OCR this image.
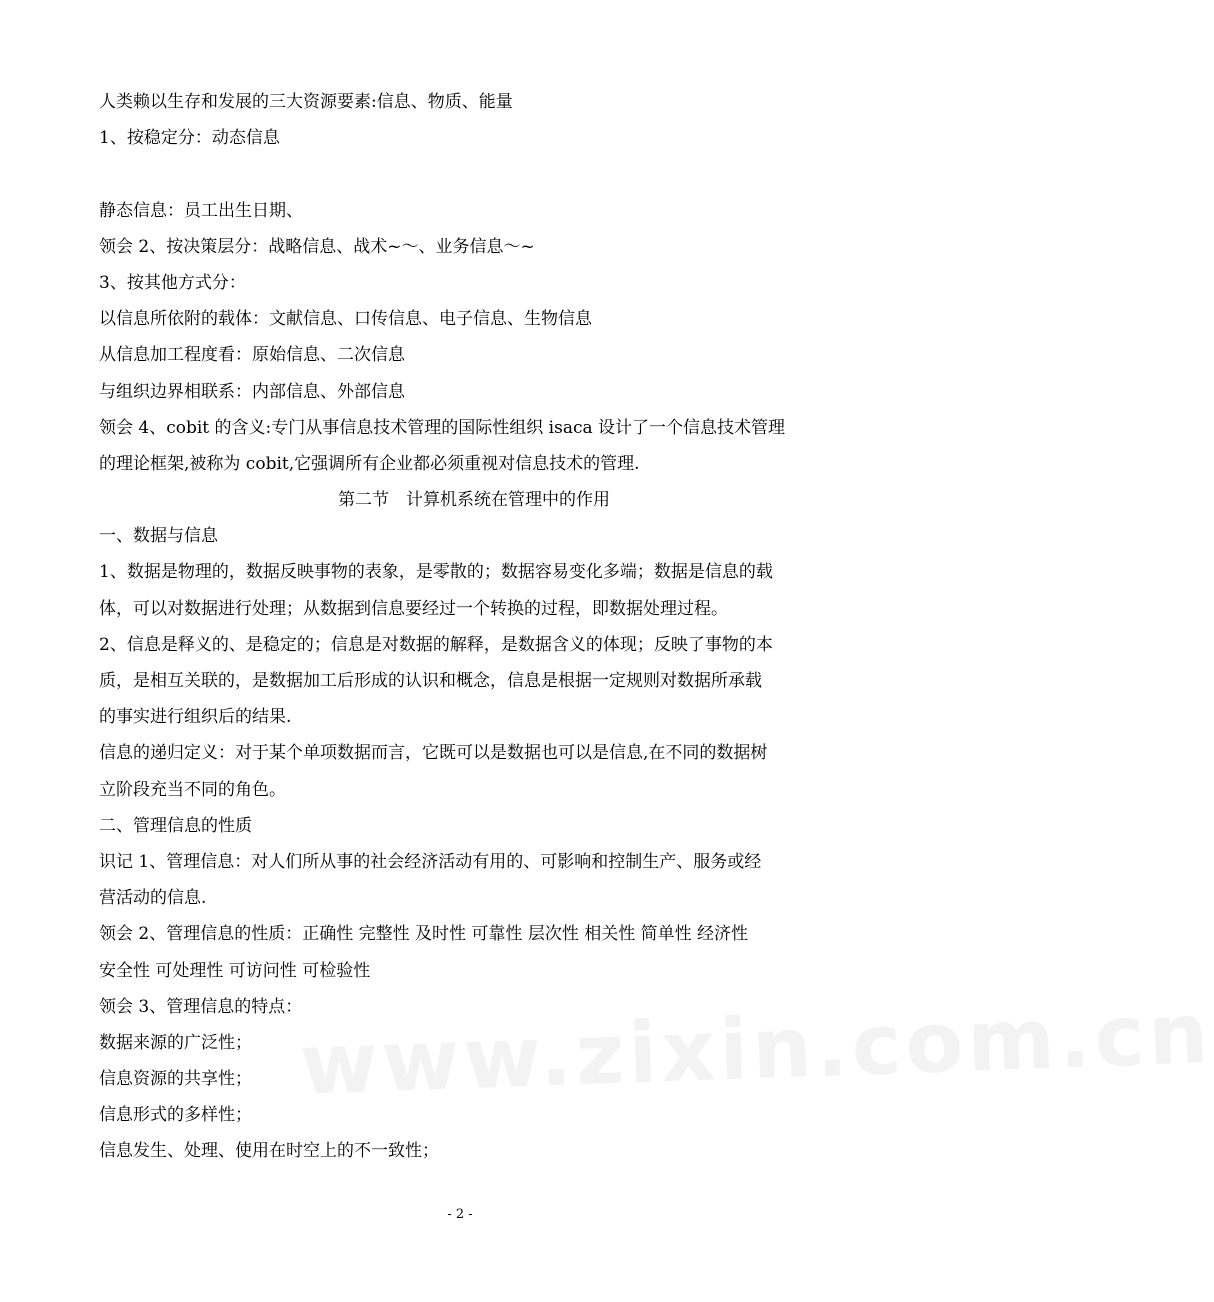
人类赖以生存和发展的三大资源要素:信息、物质、能量
1、按稳定分：动态信息
静态信息：员工出生日期、
领会 2、按决策层分：战略信息、战术~～、业务信息～~
3、按其他方式分：
以信息所依附的载体：文献信息、口传信息、电子信息、生物信息
从信息加工程度看：原始信息、二次信息
与组织边界相联系：内部信息、外部信息
领会 4、cobit 的含义:专门从事信息技术管理的国际性组织 isaca 设计了一个信息技术管理
的理论框架,被称为 cobit,它强调所有企业都必须重视对信息技术的管理.
第二节　计算机系统在管理中的作用
一、数据与信息
1、数据是物理的，数据反映事物的表象，是零散的；数据容易变化多端；数据是信息的载
体，可以对数据进行处理；从数据到信息要经过一个转换的过程，即数据处理过程。
2、信息是释义的、是稳定的；信息是对数据的解释，是数据含义的体现；反映了事物的本
质，是相互关联的，是数据加工后形成的认识和概念，信息是根据一定规则对数据所承载
的事实进行组织后的结果.
信息的递归定义：对于某个单项数据而言，它既可以是数据也可以是信息,在不同的数据树
立阶段充当不同的角色。
二、管理信息的性质
识记 1、管理信息：对人们所从事的社会经济活动有用的、可影响和控制生产、服务或经
营活动的信息.
领会 2、管理信息的性质：正确性 完整性 及时性 可靠性 层次性 相关性 简单性 经济性
安全性 可处理性 可访问性 可检验性
领会 3、管理信息的特点：
数据来源的广泛性；
信息资源的共享性；
信息形式的多样性；
信息发生、处理、使用在时空上的不一致性；
www.zixin.com.cn
- 2 -
